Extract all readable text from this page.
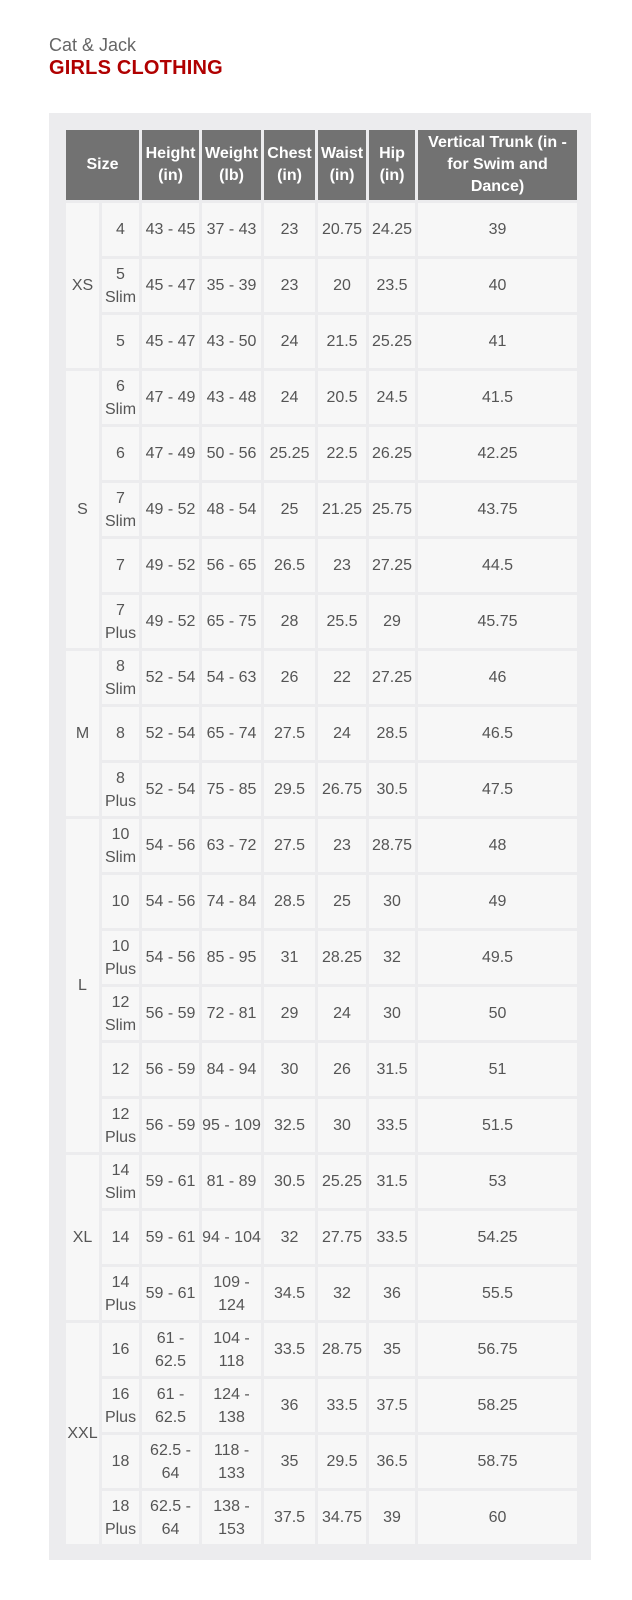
Cat & Jack

GIRLS CLOTHING

Size		Height (in)	Weight (lb)	Chest (in)	Waist (in)	Hip (in)	Vertical Trunk (in - for Swim and Dance)
XS	4	43 - 45	37 - 43	23	20.75	24.25	39
	5 Slim	45 - 47	35 - 39	23	20	23.5	40
	5	45 - 47	43 - 50	24	21.5	25.25	41
S	6 Slim	47 - 49	43 - 48	24	20.5	24.5	41.5
	6	47 - 49	50 - 56	25.25	22.5	26.25	42.25
	7 Slim	49 - 52	48 - 54	25	21.25	25.75	43.75
	7	49 - 52	56 - 65	26.5	23	27.25	44.5
	7 Plus	49 - 52	65 - 75	28	25.5	29	45.75
M	8 Slim	52 - 54	54 - 63	26	22	27.25	46
	8	52 - 54	65 - 74	27.5	24	28.5	46.5
	8 Plus	52 - 54	75 - 85	29.5	26.75	30.5	47.5
L	10 Slim	54 - 56	63 - 72	27.5	23	28.75	48
	10	54 - 56	74 - 84	28.5	25	30	49
	10 Plus	54 - 56	85 - 95	31	28.25	32	49.5
	12 Slim	56 - 59	72 - 81	29	24	30	50
	12	56 - 59	84 - 94	30	26	31.5	51
	12 Plus	56 - 59	95 - 109	32.5	30	33.5	51.5
XL	14 Slim	59 - 61	81 - 89	30.5	25.25	31.5	53
	14	59 - 61	94 - 104	32	27.75	33.5	54.25
	14 Plus	59 - 61	109 - 124	34.5	32	36	55.5
XXL	16	61 - 62.5	104 - 118	33.5	28.75	35	56.75
	16 Plus	61 - 62.5	124 - 138	36	33.5	37.5	58.25
	18	62.5 - 64	118 - 133	35	29.5	36.5	58.75
	18 Plus	62.5 - 64	138 - 153	37.5	34.75	39	60
